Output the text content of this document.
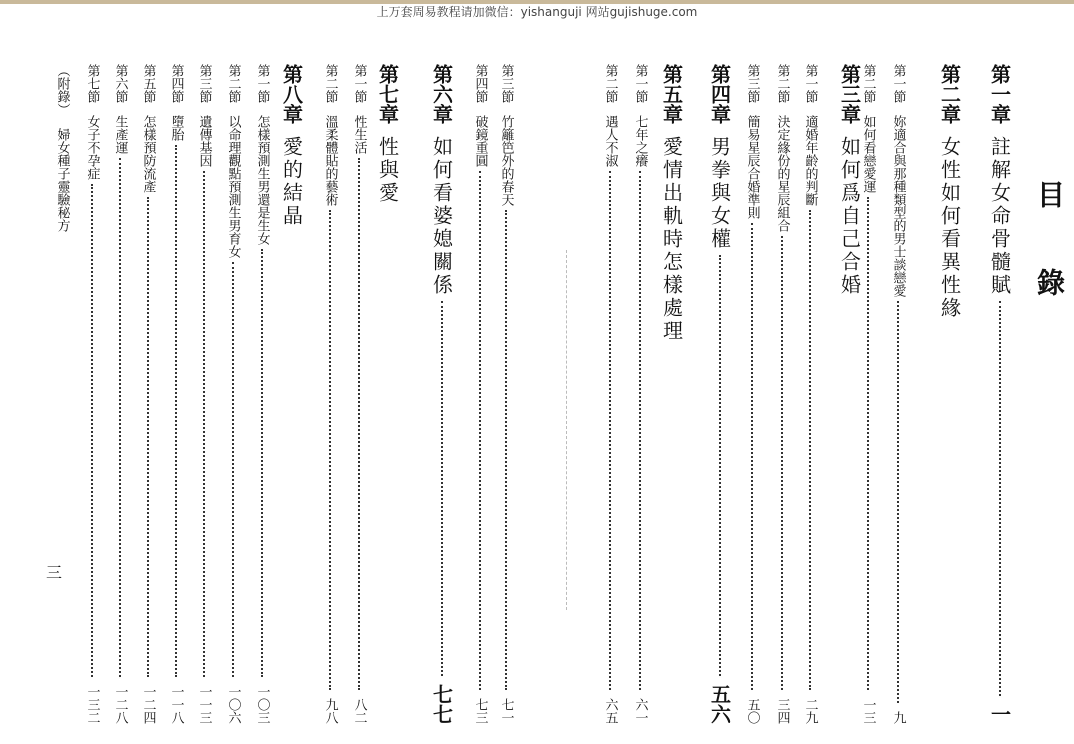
上万套周易教程请加微信：yishanguji 网站gujishuge.com
目錄
第一章
註解女命骨髓賦
一
第二章
女性如何看異性緣
第一節
妳適合與那種類型的男士談戀愛
九
第二節
如何看戀愛運
一三
第三章
如何爲自己合婚
第一節
適婚年齡的判斷
二九
第二節
決定緣份的星辰組合
三四
第三節
簡易星辰合婚準則
五〇
第四章
男拳與女權
五六
第五章
愛情出軌時怎樣處理
第一節
七年之癢
六一
第二節
遇人不淑
六五
第三節
竹籬笆外的春天
七一
第四節
破鏡重圓
七三
第六章
如何看婆媳關係
七七
第七章
性與愛
第一節
性生活
八二
第二節
溫柔體貼的藝術
九八
第八章
愛的結晶
第一節
怎樣預測生男還是生女
一〇三
第二節
以命理觀點預測生男育女
一〇六
第三節
遺傳基因
一一三
第四節
墮胎
一一八
第五節
怎樣預防流產
一二四
第六節
生產運
一二八
第七節
女子不孕症
一三二
（附錄）
婦女種子靈驗秘方
三
